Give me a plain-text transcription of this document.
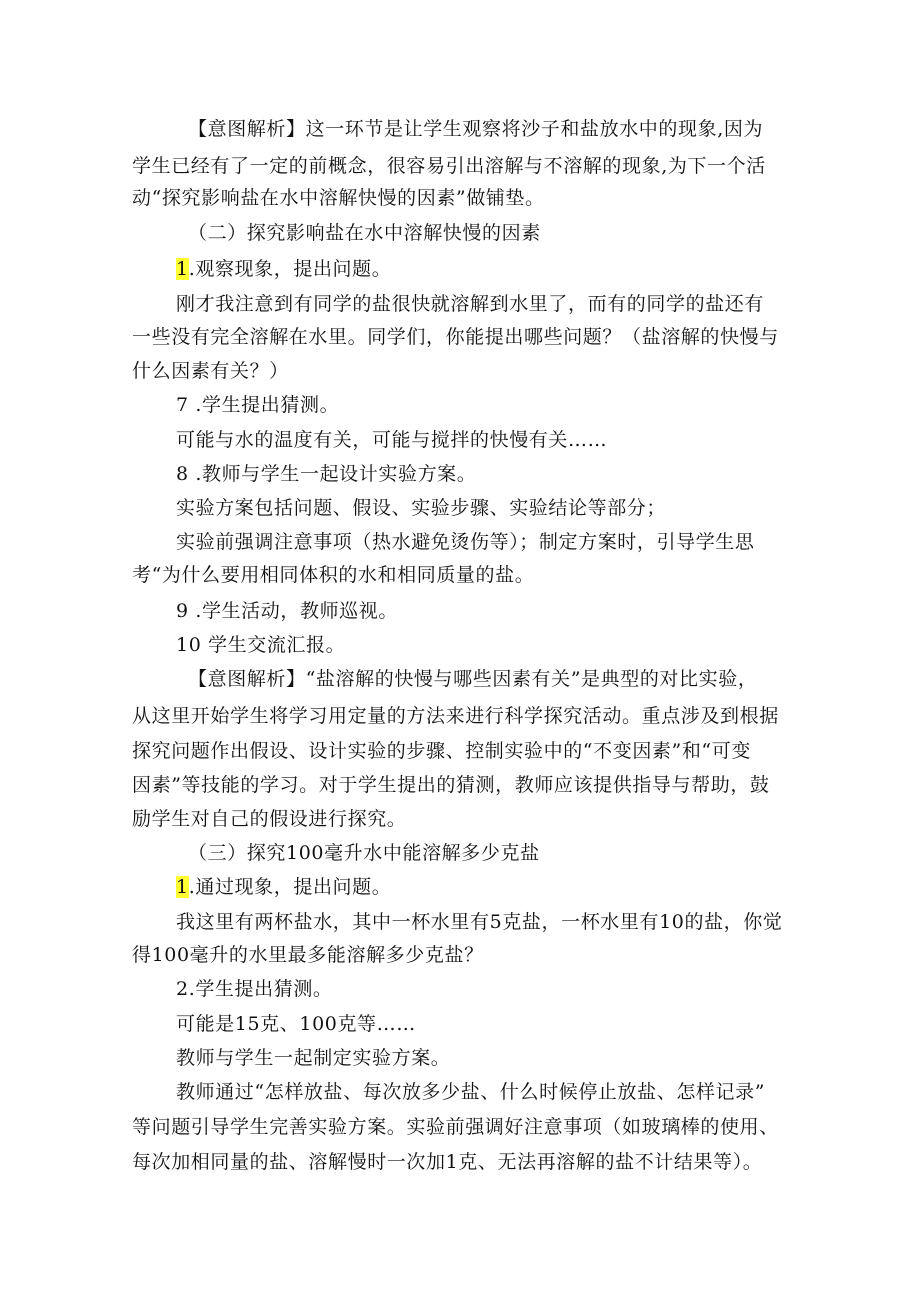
【意图解析】这一环节是让学生观察将沙子和盐放水中的现象,因为
学生已经有了一定的前概念，很容易引出溶解与不溶解的现象,为下一个活
动“探究影响盐在水中溶解快慢的因素”做铺垫。
（二）探究影响盐在水中溶解快慢的因素
1.观察现象，提出问题。
刚才我注意到有同学的盐很快就溶解到水里了，而有的同学的盐还有
一些没有完全溶解在水里。同学们，你能提出哪些问题？（盐溶解的快慢与
什么因素有关？）
7 .学生提出猜测。
可能与水的温度有关，可能与搅拌的快慢有关……
8 .教师与学生一起设计实验方案。
实验方案包括问题、假设、实验步骤、实验结论等部分；
实验前强调注意事项（热水避免烫伤等）；制定方案时，引导学生思
考“为什么要用相同体积的水和相同质量的盐。
9 .学生活动，教师巡视。
10 学生交流汇报。
【意图解析】“盐溶解的快慢与哪些因素有关”是典型的对比实验，
从这里开始学生将学习用定量的方法来进行科学探究活动。重点涉及到根据
探究问题作出假设、设计实验的步骤、控制实验中的“不变因素”和“可变
因素”等技能的学习。对于学生提出的猜测，教师应该提供指导与帮助，鼓
励学生对自己的假设进行探究。
（三）探究100毫升水中能溶解多少克盐
1.通过现象，提出问题。
我这里有两杯盐水，其中一杯水里有5克盐，一杯水里有10的盐，你觉
得100毫升的水里最多能溶解多少克盐？
2.学生提出猜测。
可能是15克、100克等……
教师与学生一起制定实验方案。
教师通过“怎样放盐、每次放多少盐、什么时候停止放盐、怎样记录”
等问题引导学生完善实验方案。实验前强调好注意事项（如玻璃棒的使用、
每次加相同量的盐、溶解慢时一次加1克、无法再溶解的盐不计结果等）。
